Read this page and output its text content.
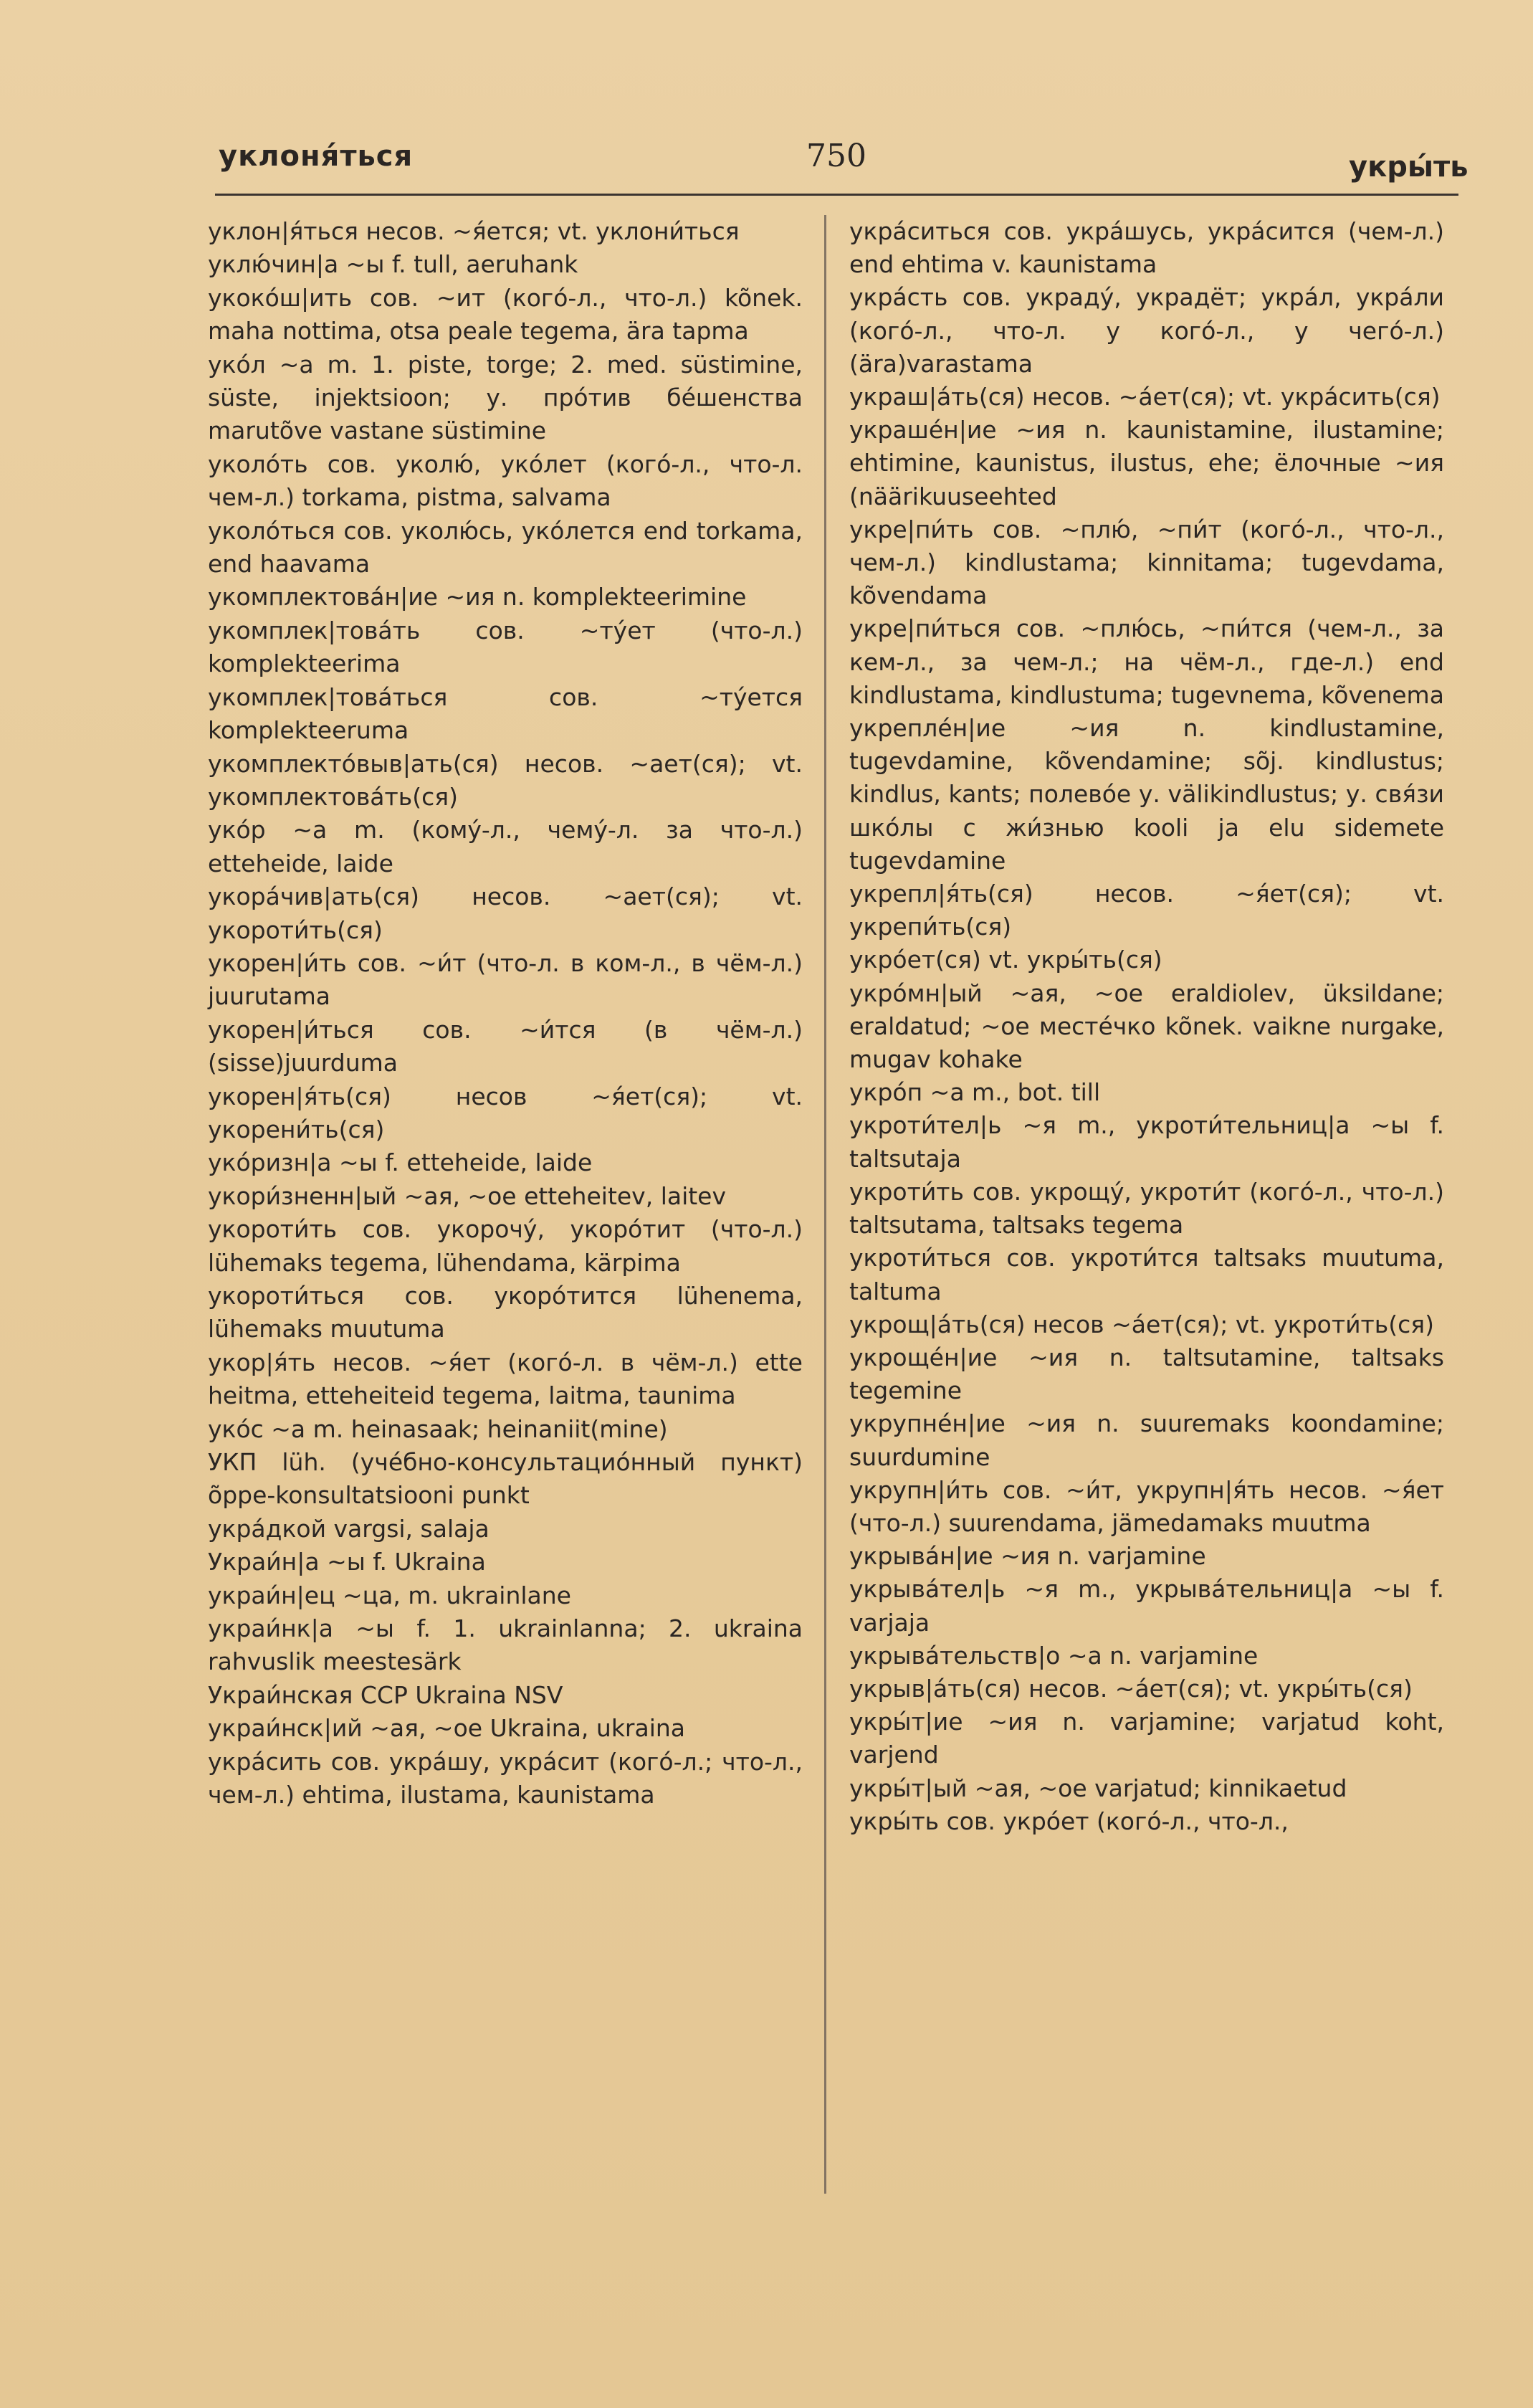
уклоня́ться	750	укры́ть

уклон|я́ться несов. ~я́ется; vt. уклони́ться

уклю́чин|а ~ы f. tull, aeruhank

укоко́ш|ить сов. ~ит (кого́-л., что-л.) kõnek. maha nottima, otsa peale tegema, ära tapma

уко́л ~а m. 1. piste, torge; 2. med. süstimine, süste, injektsioon; у. про́тив бе́шенства marutõve vastane süstimine

уколо́ть сов. уколю́, уко́лет (кого́-л., что-л. чем-л.) torkama, pistma, salvama

уколо́ться сов. уколю́сь, уко́лется end torkama, end haavama

укомплектова́н|ие ~ия n. komplekteerimine

укомплек|това́ть сов. ~ту́ет (что-л.) komplekteerima

укомплек|това́ться сов. ~ту́ется komplekteeruma

укомплекто́выв|ать(ся) несов. ~ает(ся); vt. укомплектова́ть(ся)

уко́р ~а m. (кому́-л., чему́-л. за что-л.) etteheide, laide

укора́чив|ать(ся) несов. ~ает(ся); vt. укороти́ть(ся)

укорен|и́ть сов. ~и́т (что-л. в ком-л., в чём-л.) juurutama

укорен|и́ться сов. ~и́тся (в чём-л.) (sisse)juurduma

укорен|я́ть(ся) несов ~я́ет(ся); vt. укорени́ть(ся)

уко́ризн|а ~ы f. etteheide, laide

укори́зненн|ый ~ая, ~ое etteheitev, laitev

укороти́ть сов. укорочу́, укоро́тит (что-л.) lühemaks tegema, lühendama, kärpima

укороти́ться сов. укоро́тится lühenema, lühemaks muutuma

укор|я́ть несов. ~я́ет (кого́-л. в чём-л.) ette heitma, etteheiteid tegema, laitma, taunima

уко́с ~а m. heinasaak; heinaniit(mine)

УКП lüh. (уче́бно-консультацио́нный пункт) õppe-konsultatsiooni punkt

укра́дкой vargsi, salaja

Украи́н|а ~ы f. Ukraina

украи́н|ец ~ца, m. ukrainlane

украи́нк|а ~ы f. 1. ukrainlanna; 2. ukraina rahvuslik meestesärk

Украи́нская ССР Ukraina NSV

украи́нск|ий ~ая, ~ое Ukraina, ukraina

укра́сить сов. укра́шу, укра́сит (кого́-л.; что-л., чем-л.) ehtima, ilustama, kaunistama

укра́ситься сов. укра́шусь, укра́сится (чем-л.) end ehtima v. kaunistama

укра́сть сов. украду́, украдёт; укра́л, укра́ли (кого́-л., что-л. у кого́-л., у чего́-л.) (ära)varastama

украш|а́ть(ся) несов. ~а́ет(ся); vt. укра́сить(ся)

украше́н|ие ~ия n. kaunistamine, ilustamine; ehtimine, kaunistus, ilustus, ehe; ёлочные ~ия (näärikuuseehted

укре|пи́ть сов. ~плю́, ~пи́т (кого́-л., что-л., чем-л.) kindlustama; kinnitama; tugevdama, kõvendama

укре|пи́ться сов. ~плю́сь, ~пи́тся (чем-л., за кем-л., за чем-л.; на чём-л., где-л.) end kindlustama, kindlustuma; tugevnema, kõvenema

укрепле́н|ие ~ия n. kindlustamine, tugevdamine, kõvendamine; sõj. kindlustus; kindlus, kants; полево́е у. välikindlustus; у. свя́зи шко́лы с жи́знью kooli ja elu sidemete tugevdamine

укрепл|я́ть(ся) несов. ~я́ет(ся); vt. укрепи́ть(ся)

укро́ет(ся) vt. укры́ть(ся)

укро́мн|ый ~ая, ~ое eraldiolev, üksildane; eraldatud; ~ое месте́чко kõnek. vaikne nurgake, mugav kohake

укро́п ~а m., bot. till

укроти́тел|ь ~я m., укроти́тельниц|а ~ы f. taltsutaja

укроти́ть сов. укрощу́, укроти́т (кого́-л., что-л.) taltsutama, taltsaks tegema

укроти́ться сов. укроти́тся taltsaks muutuma, taltuma

укрощ|а́ть(ся) несов ~а́ет(ся); vt. укроти́ть(ся)

укроще́н|ие ~ия n. taltsutamine, taltsaks tegemine

укрупне́н|ие ~ия n. suuremaks koondamine; suurdumine

укрупн|и́ть сов. ~и́т, укрупн|я́ть несов. ~я́ет (что-л.) suurendama, jämedamaks muutma

укрыва́н|ие ~ия n. varjamine

укрыва́тел|ь ~я m., укрыва́тельниц|а ~ы f. varjaja

укрыва́тельств|о ~а n. varjamine

укрыв|а́ть(ся) несов. ~а́ет(ся); vt. укры́ть(ся)

укры́т|ие ~ия n. varjamine; varjatud koht, varjend

укры́т|ый ~ая, ~ое varjatud; kinnikaetud

укры́ть сов. укро́ет (кого́-л., что-л.,
